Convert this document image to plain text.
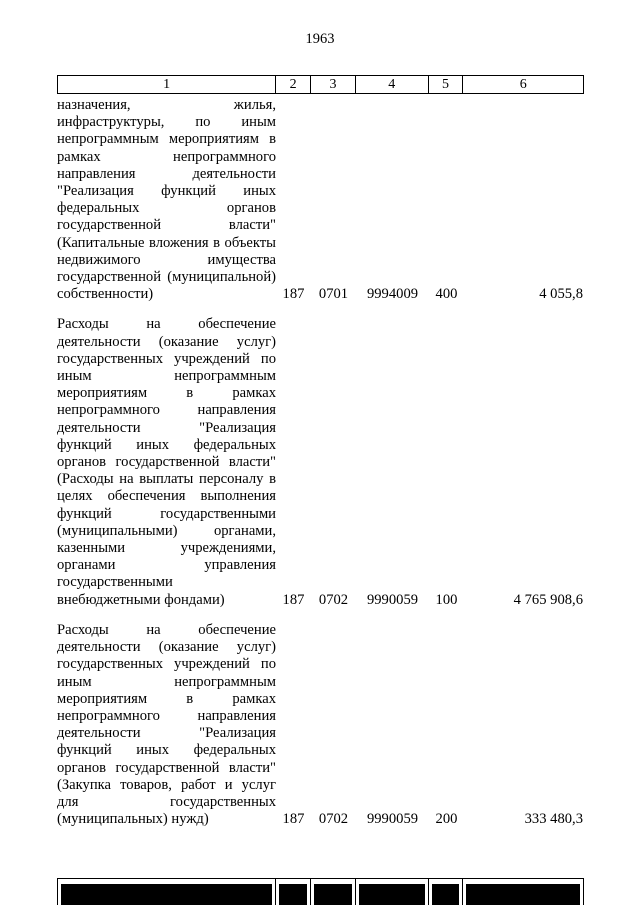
1963
1	2	3	4	5	6
назначения, жилья, инфраструктуры, по иным непрограммным мероприятиям в рамках непрограммного направления деятельности "Реализация функций иных федеральных органов государственной власти" (Капитальные вложения в объекты недвижимого имущества государственной (муниципальной) собственности)	187 0701	9994009	400	4 055,8
Расходы на обеспечение деятельности (оказание услуг) государственных учреждений по иным непрограммным мероприятиям в рамках непрограммного направления деятельности "Реализация функций иных федеральных органов государственной власти" (Расходы на выплаты персоналу в целях обеспечения выполнения функций государственными (муниципальными) органами, казенными учреждениями, органами управления государственными внебюджетными фондами)	187 0702	9990059	100	4 765 908,6
Расходы на обеспечение деятельности (оказание услуг) государственных учреждений по иным непрограммным мероприятиям в рамках непрограммного направления деятельности "Реализация функций иных федеральных органов государственной власти" (Закупка товаров, работ и услуг для государственных (муниципальных) нужд)	187 0702	9990059	200	333 480,3
